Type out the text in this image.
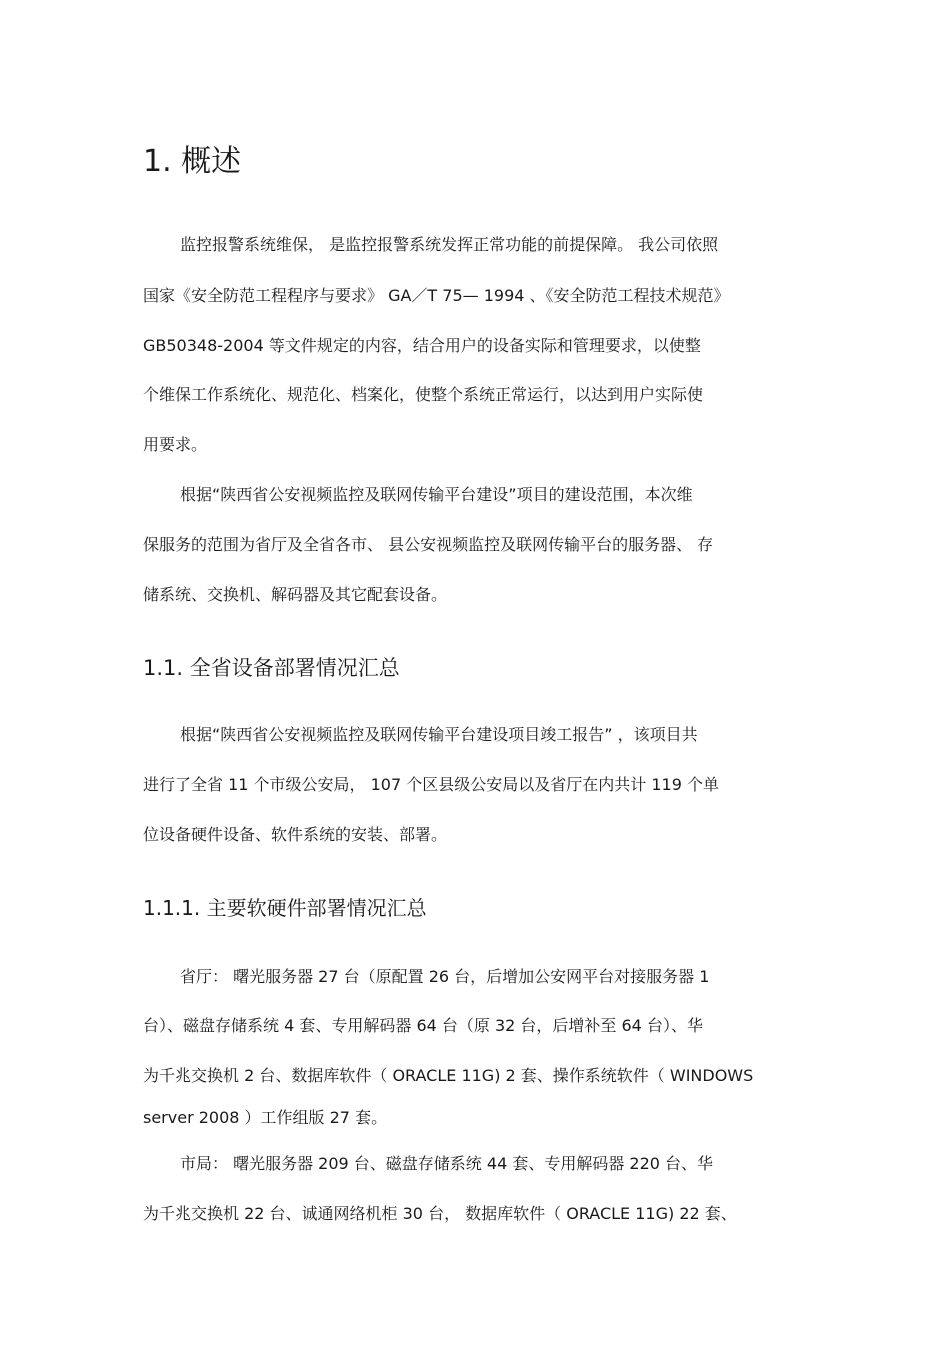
1. 概述

监控报警系统维保， 是监控报警系统发挥正常功能的前提保障。 我公司依照

国家《安全防范工程程序与要求》 GA／T 75— 1994 、《安全防范工程技术规范》

GB50348-2004 等文件规定的内容，结合用户的设备实际和管理要求，以使整

个维保工作系统化、规范化、档案化，使整个系统正常运行，以达到用户实际使

用要求。

根据“陕西省公安视频监控及联网传输平台建设”项目的建设范围，本次维

保服务的范围为省厅及全省各市、 县公安视频监控及联网传输平台的服务器、 存

储系统、交换机、解码器及其它配套设备。

1.1. 全省设备部署情况汇总

根据“陕西省公安视频监控及联网传输平台建设项目竣工报告” ，该项目共

进行了全省 11 个市级公安局， 107 个区县级公安局以及省厅在内共计 119 个单

位设备硬件设备、软件系统的安装、部署。

1.1.1. 主要软硬件部署情况汇总

省厅： 曙光服务器 27 台（原配置 26 台，后增加公安网平台对接服务器 1

台）、磁盘存储系统 4 套、专用解码器 64 台（原 32 台，后增补至 64 台）、华

为千兆交换机 2 台、数据库软件（ ORACLE 11G) 2 套、操作系统软件（ WINDOWS

server 2008 ）工作组版 27 套。

市局： 曙光服务器 209 台、磁盘存储系统 44 套、专用解码器 220 台、华

为千兆交换机 22 台、诚通网络机柜 30 台， 数据库软件（ ORACLE 11G) 22 套、
